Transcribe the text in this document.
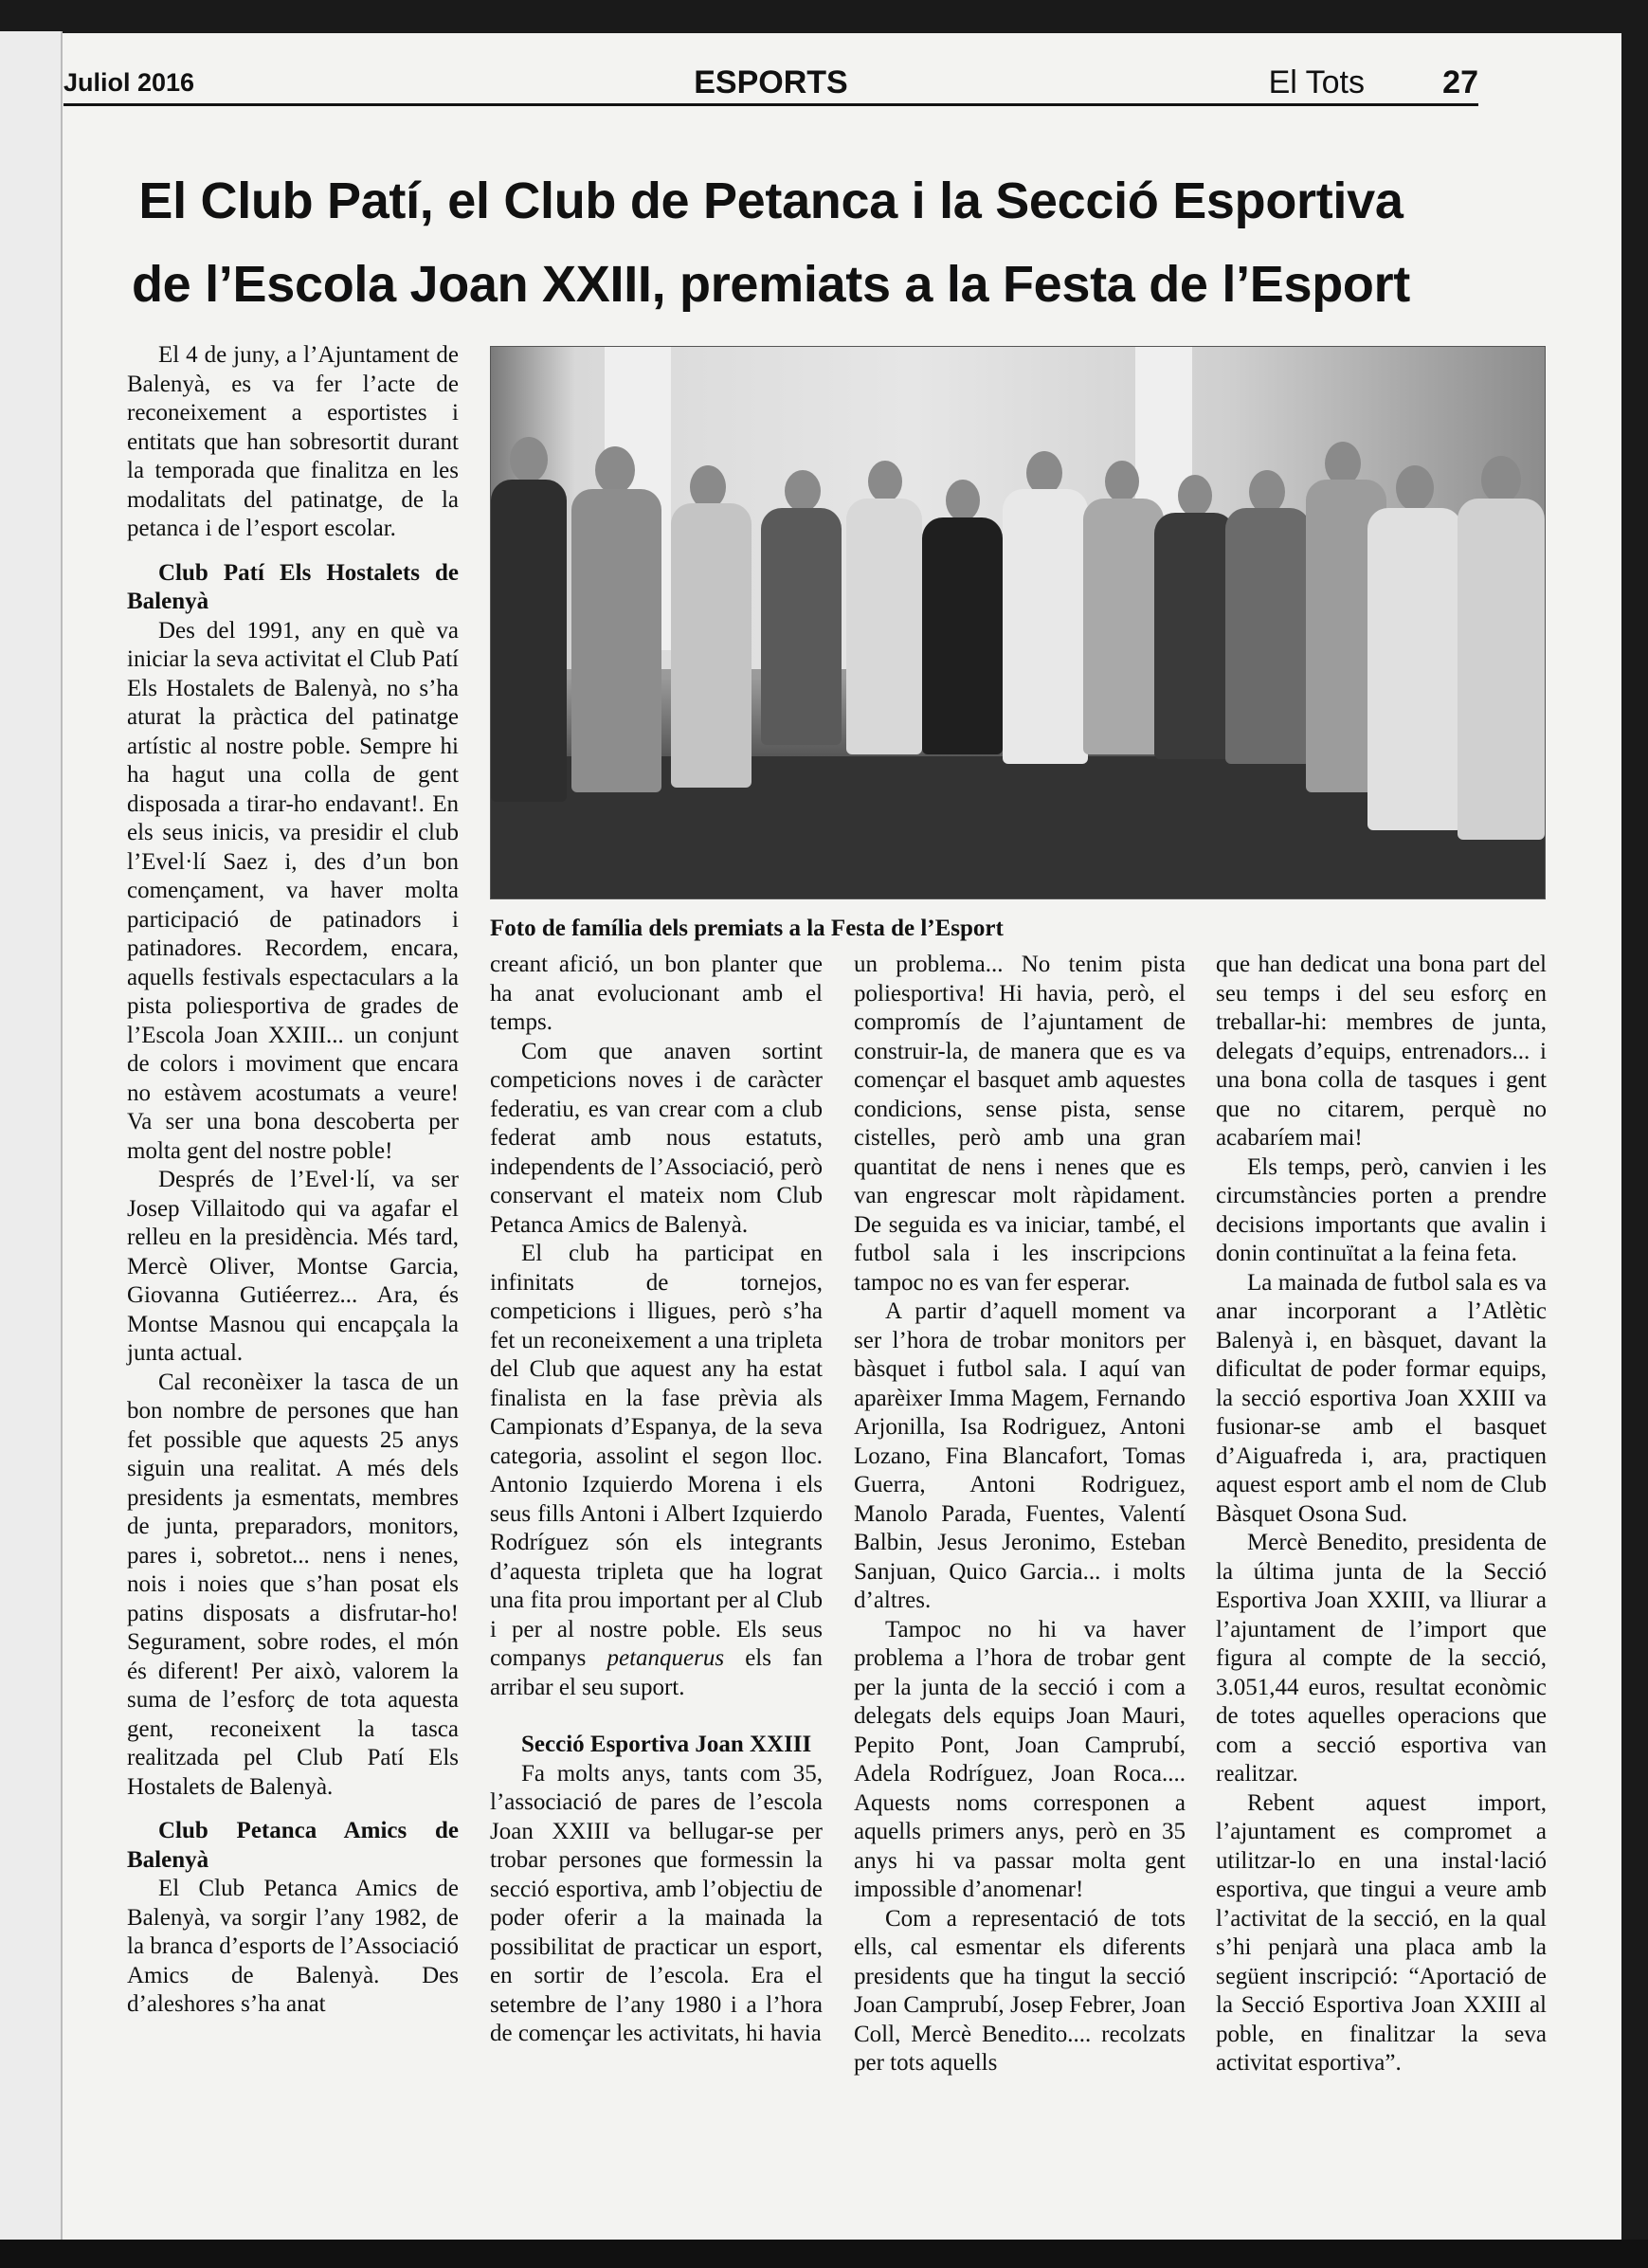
Juliol 2016	ESPORTS	El Tots 27
El Club Patí, el Club de Petanca i la Secció Esportiva
de l’Escola Joan XXIII, premiats a la Festa de l’Esport
Foto de família dels premiats a la Festa de l’Esport

El 4 de juny, a l’Ajuntament de Balenyà, es va fer l’acte de reconeixement a esportistes i entitats que han sobresortit durant la temporada que finalitza en les modalitats del patinatge, de la petanca i de l’esport escolar.

Club Patí Els Hostalets de Balenyà

Des del 1991, any en què va iniciar la seva activitat el Club Patí Els Hostalets de Balenyà, no s’ha aturat la pràctica del patinatge artístic al nostre poble. Sempre hi ha hagut una colla de gent disposada a tirar-ho endavant!. En els seus inicis, va presidir el club l’Evel·lí Saez i, des d’un bon començament, va haver molta participació de patinadors i patinadores. Recordem, encara, aquells festivals espectaculars a la pista poliesportiva de grades de l’Escola Joan XXIII... un conjunt de colors i moviment que encara no estàvem acostumats a veure! Va ser una bona descoberta per molta gent del nostre poble!

Després de l’Evel·lí, va ser Josep Villaitodo qui va agafar el relleu en la presidència. Més tard, Mercè Oliver, Montse Garcia, Giovanna Gutiéerrez... Ara, és Montse Masnou qui encapçala la junta actual.

Cal reconèixer la tasca de un bon nombre de persones que han fet possible que aquests 25 anys siguin una realitat. A més dels presidents ja esmentats, membres de junta, preparadors, monitors, pares i, sobretot... nens i nenes, nois i noies que s’han posat els patins disposats a disfrutar-ho! Segurament, sobre rodes, el món és diferent! Per això, valorem la suma de l’esforç de tota aquesta gent, reconeixent la tasca realitzada pel Club Patí Els Hostalets de Balenyà.

Club Petanca Amics de Balenyà

El Club Petanca Amics de Balenyà, va sorgir l’any 1982, de la branca d’esports de l’Associació Amics de Balenyà. Des d’aleshores s’ha anat

creant afició, un bon planter que ha anat evolucionant amb el temps.

Com que anaven sortint competicions noves i de caràcter federatiu, es van crear com a club federat amb nous estatuts, independents de l’Associació, però conservant el mateix nom Club Petanca Amics de Balenyà.

El club ha participat en infinitats de tornejos, competicions i lligues, però s’ha fet un reconeixement a una tripleta del Club que aquest any ha estat finalista en la fase prèvia als Campionats d’Espanya, de la seva categoria, assolint el segon lloc. Antonio Izquierdo Morena i els seus fills Antoni i Albert Izquierdo Rodríguez són els integrants d’aquesta tripleta que ha lograt una fita prou important per al Club i per al nostre poble. Els seus companys petanquerus els fan arribar el seu suport.

Secció Esportiva Joan XXIII

Fa molts anys, tants com 35, l’associació de pares de l’escola Joan XXIII va bellugar-se per trobar persones que formessin la secció esportiva, amb l’objectiu de poder oferir a la mainada la possibilitat de practicar un esport, en sortir de l’escola. Era el setembre de l’any 1980 i a l’hora de començar les activitats, hi havia

un problema... No tenim pista poliesportiva! Hi havia, però, el compromís de l’ajuntament de construir-la, de manera que es va començar el basquet amb aquestes condicions, sense pista, sense cistelles, però amb una gran quantitat de nens i nenes que es van engrescar molt ràpidament. De seguida es va iniciar, també, el futbol sala i les inscripcions tampoc no es van fer esperar.

A partir d’aquell moment va ser l’hora de trobar monitors per bàsquet i futbol sala. I aquí van aparèixer Imma Magem, Fernando Arjonilla, Isa Rodriguez, Antoni Lozano, Fina Blancafort, Tomas Guerra, Antoni Rodriguez, Manolo Parada, Fuentes, Valentí Balbin, Jesus Jeronimo, Esteban Sanjuan, Quico Garcia... i molts d’altres.

Tampoc no hi va haver problema a l’hora de trobar gent per la junta de la secció i com a delegats dels equips Joan Mauri, Pepito Pont, Joan Camprubí, Adela Rodríguez, Joan Roca.... Aquests noms corresponen a aquells primers anys, però en 35 anys hi va passar molta gent impossible d’anomenar!

Com a representació de tots ells, cal esmentar els diferents presidents que ha tingut la secció Joan Camprubí, Josep Febrer, Joan Coll, Mercè Benedito.... recolzats per tots aquells

que han dedicat una bona part del seu temps i del seu esforç en treballar-hi: membres de junta, delegats d’equips, entrenadors... i una bona colla de tasques i gent que no citarem, perquè no acabaríem mai!

Els temps, però, canvien i les circumstàncies porten a prendre decisions importants que avalin i donin continuïtat a la feina feta.

La mainada de futbol sala es va anar incorporant a l’Atlètic Balenyà i, en bàsquet, davant la dificultat de poder formar equips, la secció esportiva Joan XXIII va fusionar-se amb el basquet d’Aiguafreda i, ara, practiquen aquest esport amb el nom de Club Bàsquet Osona Sud.

Mercè Benedito, presidenta de la última junta de la Secció Esportiva Joan XXIII, va lliurar a l’ajuntament de l’import que figura al compte de la secció, 3.051,44 euros, resultat econòmic de totes aquelles operacions que com a secció esportiva van realitzar.

Rebent aquest import, l’ajuntament es compromet a utilitzar-lo en una instal·lació esportiva, que tingui a veure amb l’activitat de la secció, en la qual s’hi penjarà una placa amb la següent inscripció: “Aportació de la Secció Esportiva Joan XXIII al poble, en finalitzar la seva activitat esportiva”.
